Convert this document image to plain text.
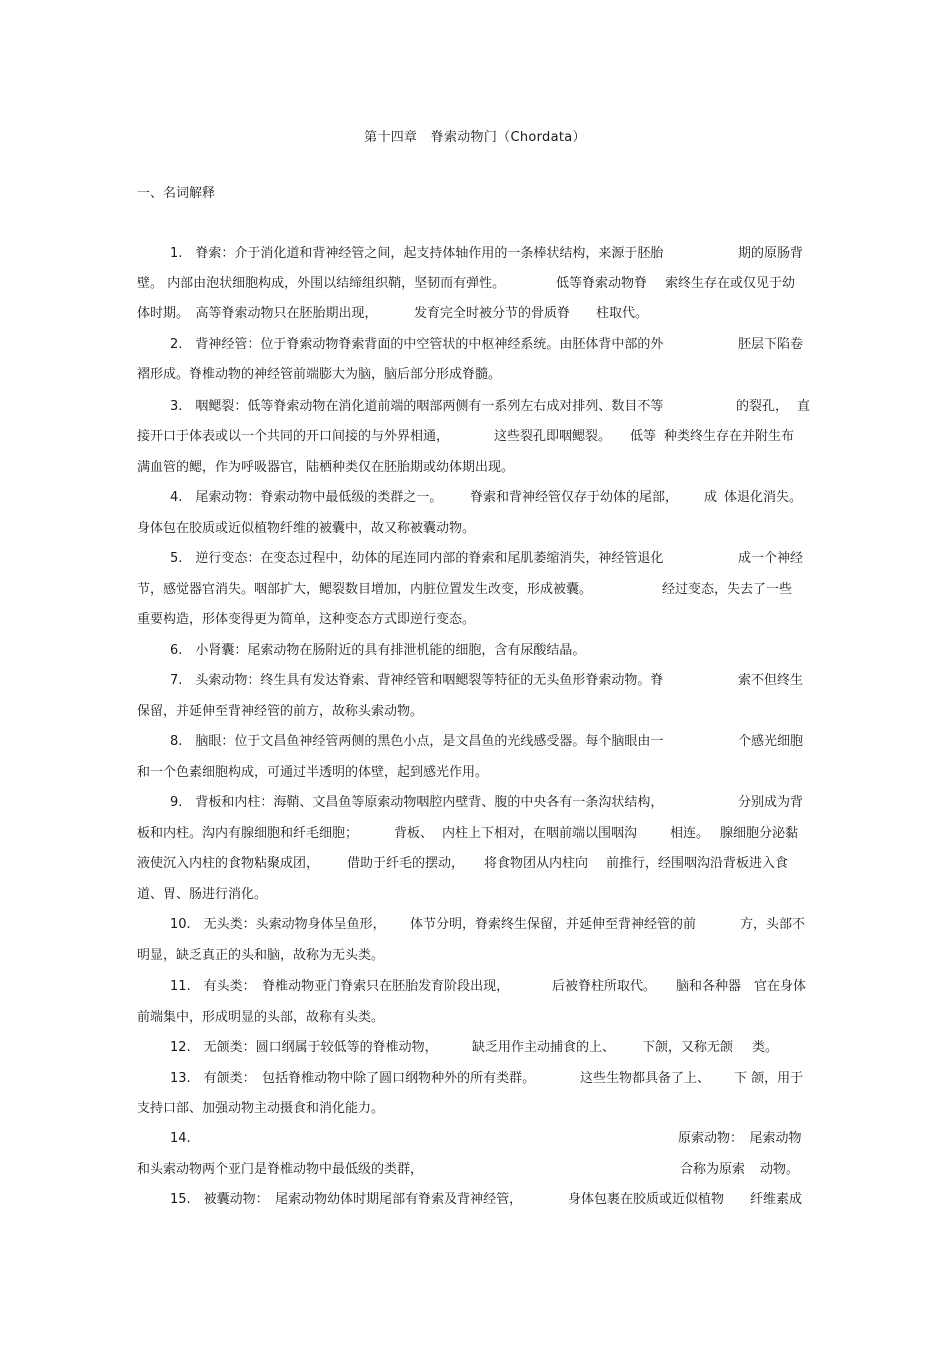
第十四章　脊索动物门（Chordata）
一、名词解释
1.　脊索：介于消化道和背神经管之间，起支持体轴作用的一条棒状结构，来源于胚胎	期的原肠背
壁。 内部由泡状细胞构成，外围以结缔组织鞘，坚韧而有弹性。	低等脊索动物脊 索终生存在或仅见于幼
体时期。　高等脊索动物只在胚胎期出现，	发育完全时被分节的骨质脊 柱取代。
2.　背神经管：位于脊索动物脊索背面的中空管状的中枢神经系统。由胚体背中部的外	胚层下陷卷
褶形成。脊椎动物的神经管前端膨大为脑，脑后部分形成脊髓。
3.　咽鳃裂：低等脊索动物在消化道前端的咽部两侧有一系列左右成对排列、数目不等	的裂孔， 直
接开口于体表或以一个共同的开口间接的与外界相通，	这些裂孔即咽鳃裂。 低等 种类终生存在并附生布
满血管的鳃，作为呼吸器官，陆栖种类仅在胚胎期或幼体期出现。
4.　尾索动物：脊索动物中最低级的类群之一。 脊索和背神经管仅存于幼体的尾部， 成 体退化消失。
身体包在胶质或近似植物纤维的被囊中，故又称被囊动物。
5.　逆行变态：在变态过程中，幼体的尾连同内部的脊索和尾肌萎缩消失，神经管退化	成一个神经
节，感觉器官消失。咽部扩大，鳃裂数目增加，内脏位置发生改变，形成被囊。	经过变态，失去了一些
重要构造，形体变得更为简单，这种变态方式即逆行变态。
6.　小肾囊：尾索动物在肠附近的具有排泄机能的细胞，含有尿酸结晶。
7.　头索动物：终生具有发达脊索、背神经管和咽鳃裂等特征的无头鱼形脊索动物。脊	索不但终生
保留，并延伸至背神经管的前方，故称头索动物。
8.　脑眼：位于文昌鱼神经管两侧的黑色小点，是文昌鱼的光线感受器。每个脑眼由一	个感光细胞
和一个色素细胞构成，可通过半透明的体壁，起到感光作用。
9.　背板和内柱：海鞘、文昌鱼等原索动物咽腔内壁背、腹的中央各有一条沟状结构，	分别成为背
板和内柱。沟内有腺细胞和纤毛细胞；	背板、 内柱上下相对，在咽前端以围咽沟	相连。 腺细胞分泌黏
液使沉入内柱的食物粘聚成团， 借助于纤毛的摆动， 将食物团从内柱向 前推行，经围咽沟沿背板进入食
道、胃、肠进行消化。
10.　无头类：头索动物身体呈鱼形， 体节分明，脊索终生保留，并延伸至背神经管的前	方，头部不
明显，缺乏真正的头和脑，故称为无头类。
11.　有头类：　脊椎动物亚门脊索只在胚胎发育阶段出现，	后被脊柱所取代。 脑和各种器 官在身体
前端集中，形成明显的头部，故称有头类。
12.　无颌类：圆口纲属于较低等的脊椎动物，	缺乏用作主动捕食的上、 下颌，又称无颌 类。
13.　有颌类：　包括脊椎动物中除了圆口纲物种外的所有类群。	这些生物都具备了上、 下 颌，用于
支持口部、加强动物主动摄食和消化能力。
14.	原索动物：　尾索动物
和头索动物两个亚门是脊椎动物中最低级的类群，	合称为原索 动物。
15.　被囊动物：　尾索动物幼体时期尾部有脊索及背神经管，	身体包裹在胶质或近似植物 纤维素成
